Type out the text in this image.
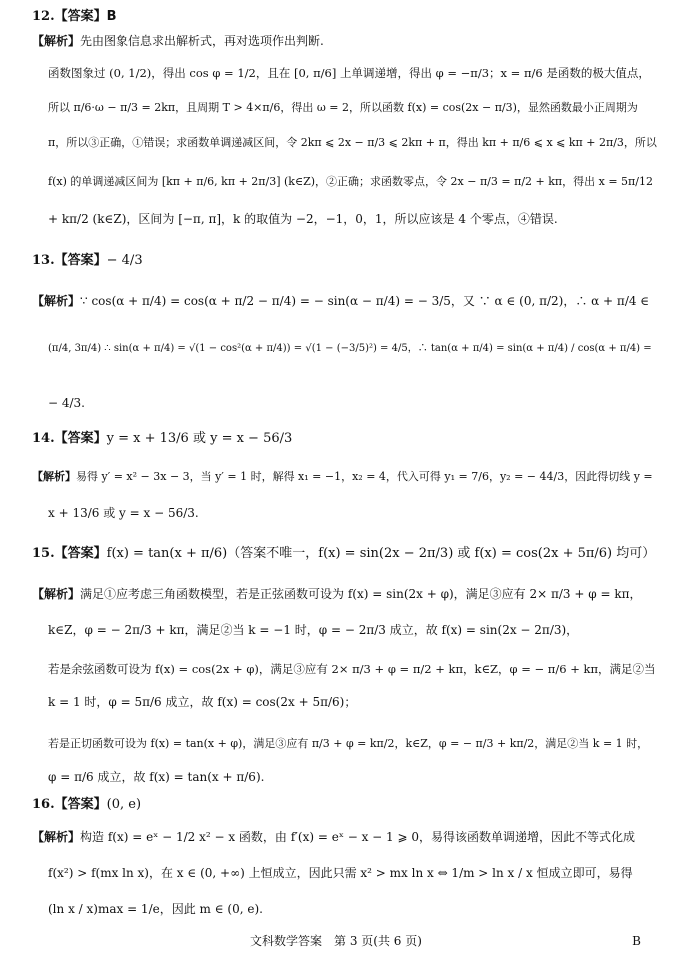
12.【答案】B
【解析】先由图象信息求出解析式，再对选项作出判断.
函数图象过 (0, 1/2)，得出 cos φ = 1/2，且在 [0, π/6] 上单调递增，得出 φ = −π/3；x = π/6 是函数的极大值点，
所以 π/6·ω − π/3 = 2kπ，且周期 T > 4×π/6，得出 ω = 2，所以函数 f(x) = cos(2x − π/3)，显然函数最小正周期为
π，所以③正确，①错误；求函数单调递减区间，令 2kπ ⩽ 2x − π/3 ⩽ 2kπ + π，得出 kπ + π/6 ⩽ x ⩽ kπ + 2π/3，所以
f(x) 的单调递减区间为 [kπ + π/6, kπ + 2π/3] (k∈Z)，②正确；求函数零点，令 2x − π/3 = π/2 + kπ，得出 x = 5π/12
+ kπ/2 (k∈Z)，区间为 [−π, π]，k 的取值为 −2，−1，0，1，所以应该是 4 个零点，④错误.
13.【答案】− 4/3
【解析】∵ cos(α + π/4) = cos(α + π/2 − π/4) = − sin(α − π/4) = − 3/5，又 ∵ α ∈ (0, π/2)，∴ α + π/4 ∈
(π/4, 3π/4) ∴ sin(α + π/4) = √(1 − cos²(α + π/4)) = √(1 − (−3/5)²) = 4/5，∴ tan(α + π/4) = sin(α + π/4) / cos(α + π/4) =
− 4/3.
14.【答案】y = x + 13/6 或 y = x − 56/3
【解析】易得 y′ = x² − 3x − 3，当 y′ = 1 时，解得 x₁ = −1，x₂ = 4，代入可得 y₁ = 7/6，y₂ = − 44/3，因此得切线 y =
x + 13/6 或 y = x − 56/3.
15.【答案】f(x) = tan(x + π/6)（答案不唯一，f(x) = sin(2x − 2π/3) 或 f(x) = cos(2x + 5π/6) 均可）
【解析】满足①应考虑三角函数模型，若是正弦函数可设为 f(x) = sin(2x + φ)，满足③应有 2× π/3 + φ = kπ，
k∈Z，φ = − 2π/3 + kπ，满足②当 k = −1 时，φ = − 2π/3 成立，故 f(x) = sin(2x − 2π/3)，
若是余弦函数可设为 f(x) = cos(2x + φ)，满足③应有 2× π/3 + φ = π/2 + kπ，k∈Z，φ = − π/6 + kπ，满足②当
k = 1 时，φ = 5π/6 成立，故 f(x) = cos(2x + 5π/6)；
若是正切函数可设为 f(x) = tan(x + φ)，满足③应有 π/3 + φ = kπ/2，k∈Z，φ = − π/3 + kπ/2，满足②当 k = 1 时，
φ = π/6 成立，故 f(x) = tan(x + π/6).
16.【答案】(0, e)
【解析】构造 f(x) = eˣ − 1/2 x² − x 函数，由 f′(x) = eˣ − x − 1 ⩾ 0，易得该函数单调递增，因此不等式化成
f(x²) > f(mx ln x)，在 x ∈ (0, +∞) 上恒成立，因此只需 x² > mx ln x ⇔ 1/m > ln x / x 恒成立即可，易得
(ln x / x)max = 1/e，因此 m ∈ (0, e).
文科数学答案　第 3 页(共 6 页)	B
